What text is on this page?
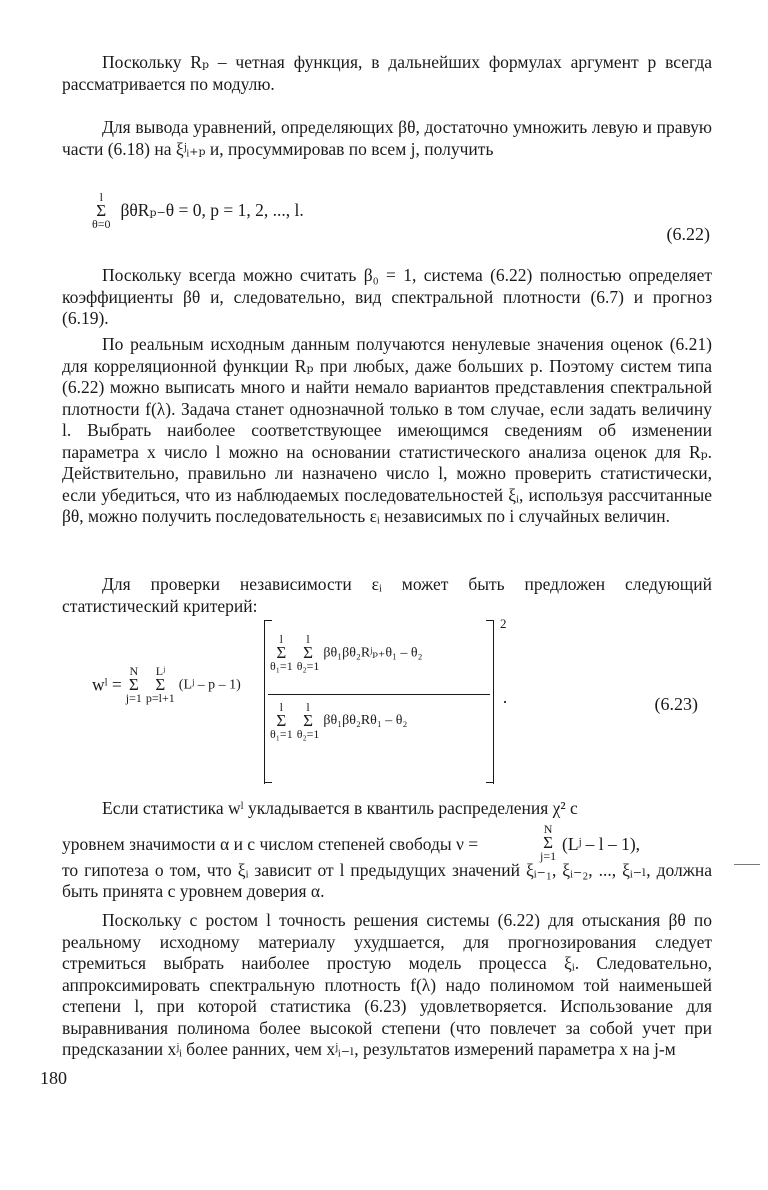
Поскольку Rₚ – четная функция, в дальнейших формулах аргумент p всегда рассматривается по модулю.

Для вывода уравнений, определяющих βθ, достаточно умножить левую и правую части (6.18) на ξʲᵢ₊ₚ и, просуммировав по всем j, получить

l
Σ
θ=0 βθRₚ₋θ = 0, p = 1, 2, ..., l.
(6.22)

Поскольку всегда можно считать β₀ = 1, система (6.22) полностью определяет коэффициенты βθ и, следовательно, вид спектральной плотности (6.7) и прогноз (6.19).

По реальным исходным данным получаются ненулевые значения оценок (6.21) для корреляционной функции Rₚ при любых, даже больших p. Поэтому систем типа (6.22) можно выписать много и найти немало вариантов представления спектральной плотности f(λ). Задача станет однозначной только в том случае, если задать величину l. Выбрать наиболее соответствующее имеющимся сведениям об изменении параметра x число l можно на основании статистического анализа оценок для Rₚ. Действительно, правильно ли назначено число l, можно проверить статистически, если убедиться, что из наблюдаемых последовательностей ξᵢ, используя рассчитанные βθ, можно получить последовательность εᵢ независимых по i случайных величин.

Для проверки независимости εᵢ может быть предложен следующий статистический критерий:

wˡ = N
Σ
j=1 Lʲ
Σ
p=l+1 (Lʲ – p – 1)
2
l
Σ
θ₁=1 l
Σ
θ₂=1 βθ₁βθ₂Rʲₚ₊θ₁ – θ₂
l
Σ
θ₁=1 l
Σ
θ₂=1 βθ₁βθ₂Rθ₁ – θ₂
·	(6.23)

Если статистика wˡ укладывается в квантиль распределения χ² с

уровнем значимости α и с числом степеней свободы ν =
N
Σ
j=1
(Lʲ – l – 1),

то гипотеза о том, что ξᵢ зависит от l предыдущих значений ξᵢ₋₁, ξᵢ₋₂, ..., ξᵢ₋ₗ, должна быть принята с уровнем доверия α.

Поскольку с ростом l точность решения системы (6.22) для отыскания βθ по реальному исходному материалу ухудшается, для прогнозирования следует стремиться выбрать наиболее простую модель процесса ξᵢ. Следовательно, аппроксимировать спектральную плотность f(λ) надо полиномом той наименьшей степени l, при которой статистика (6.23) удовлетворяется. Использование для выравнивания полинома более высокой степени (что повлечет за собой учет при предсказании xʲᵢ более ранних, чем xʲᵢ₋ₗ, результатов измерений параметра x на j-м

180
